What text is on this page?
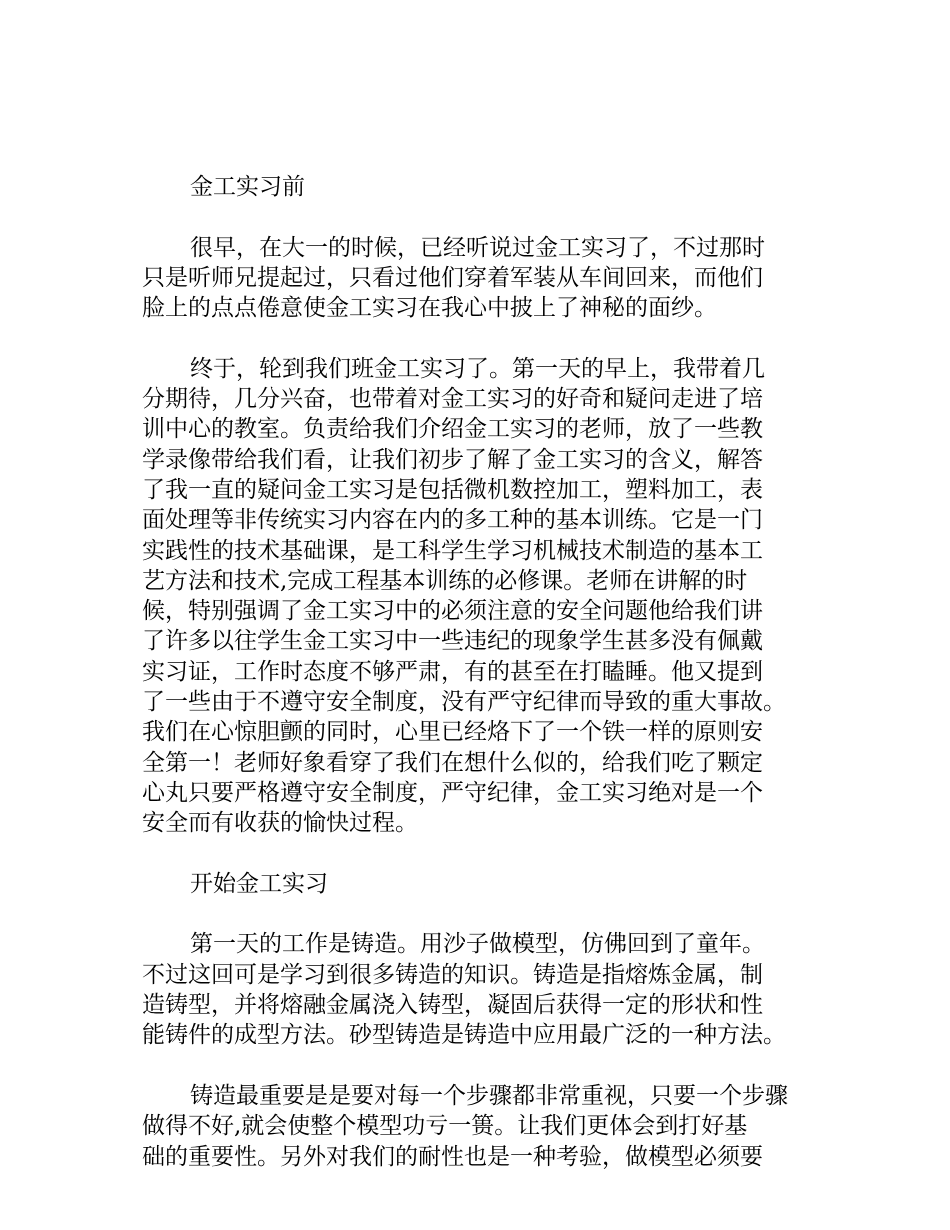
金工实习前
很早，在大一的时候，已经听说过金工实习了，不过那时
只是听师兄提起过，只看过他们穿着军装从车间回来，而他们
脸上的点点倦意使金工实习在我心中披上了神秘的面纱。
终于，轮到我们班金工实习了。第一天的早上，我带着几
分期待，几分兴奋，也带着对金工实习的好奇和疑问走进了培
训中心的教室。负责给我们介绍金工实习的老师，放了一些教
学录像带给我们看，让我们初步了解了金工实习的含义，解答
了我一直的疑问金工实习是包括微机数控加工，塑料加工，表
面处理等非传统实习内容在内的多工种的基本训练。它是一门
实践性的技术基础课，是工科学生学习机械技术制造的基本工
艺方法和技术,完成工程基本训练的必修课。老师在讲解的时
候，特别强调了金工实习中的必须注意的安全问题他给我们讲
了许多以往学生金工实习中一些违纪的现象学生甚多没有佩戴
实习证，工作时态度不够严肃，有的甚至在打瞌睡。他又提到
了一些由于不遵守安全制度，没有严守纪律而导致的重大事故。
我们在心惊胆颤的同时，心里已经烙下了一个铁一样的原则安
全第一！老师好象看穿了我们在想什么似的，给我们吃了颗定
心丸只要严格遵守安全制度，严守纪律，金工实习绝对是一个
安全而有收获的愉快过程。
开始金工实习
第一天的工作是铸造。用沙子做模型，仿佛回到了童年。
不过这回可是学习到很多铸造的知识。铸造是指熔炼金属，制
造铸型，并将熔融金属浇入铸型，凝固后获得一定的形状和性
能铸件的成型方法。砂型铸造是铸造中应用最广泛的一种方法。
铸造最重要是是要对每一个步骤都非常重视，只要一个步骤
做得不好,就会使整个模型功亏一篑。让我们更体会到打好基
础的重要性。另外对我们的耐性也是一种考验，做模型必须要
